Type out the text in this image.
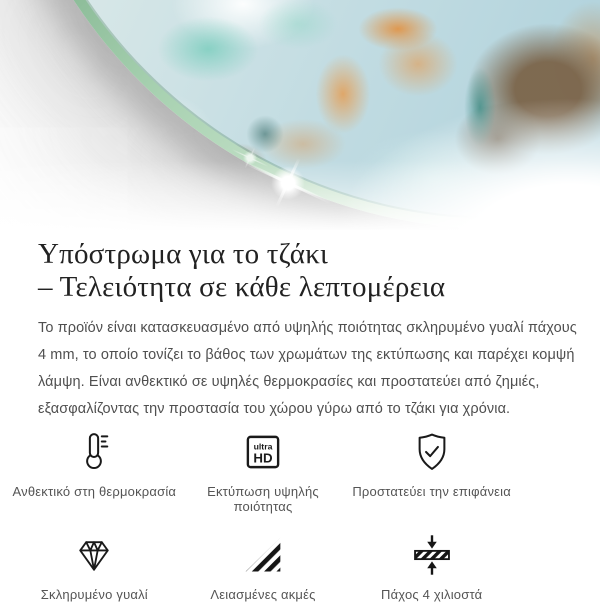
Υπόστρωμα για το τζάκι
– Τελειότητα σε κάθε λεπτομέρεια

Το προϊόν είναι κατασκευασμένο από υψηλής ποιότητας σκληρυμένο γυαλί πάχους 4 mm, το οποίο τονίζει το βάθος των χρωμάτων της εκτύπωσης και παρέχει κομψή λάμψη. Είναι ανθεκτικό σε υψηλές θερμοκρασίες και προστατεύει από ζημιές, εξασφαλίζοντας την προστασία του χώρου γύρω από το τζάκι για χρόνια.

Ανθεκτικό στη θερμοκρασία
ultra
HD
Εκτύπωση υψηλής ποιότητας
Προστατεύει την επιφάνεια
Σκληρυμένο γυαλί	Λειασμένες ακμές	Πάχος 4 χιλιοστά
